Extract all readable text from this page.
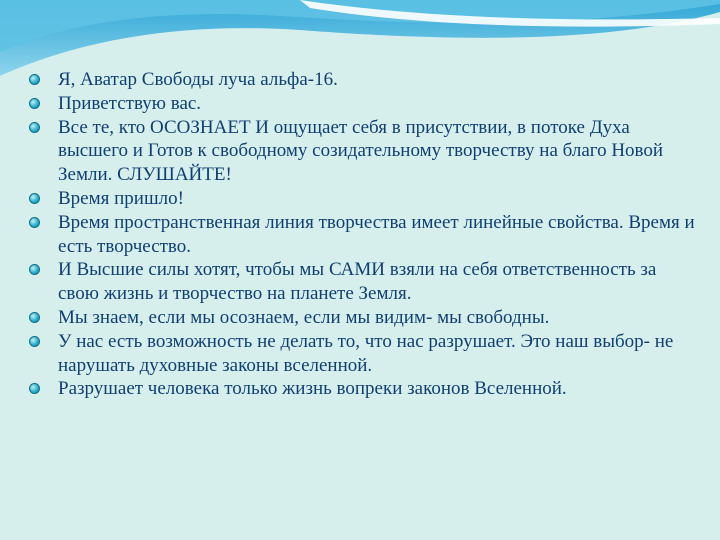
Я, Аватар Свободы луча альфа-16.
Приветствую вас.
Все те, кто ОСОЗНАЕТ И ощущает себя в присутствии, в потоке Духа высшего и Готов к свободному созидательному творчеству на благо Новой Земли. СЛУШАЙТЕ!
Время пришло!
Время пространственная линия творчества имеет линейные свойства. Время и есть творчество.
И Высшие силы хотят, чтобы мы САМИ взяли на себя ответственность за свою жизнь и творчество на планете Земля.
Мы знаем, если мы осознаем, если мы видим- мы свободны.
У нас есть возможность не делать то, что нас разрушает. Это наш выбор- не нарушать духовные законы вселенной.
Разрушает человека только жизнь вопреки законов Вселенной.
